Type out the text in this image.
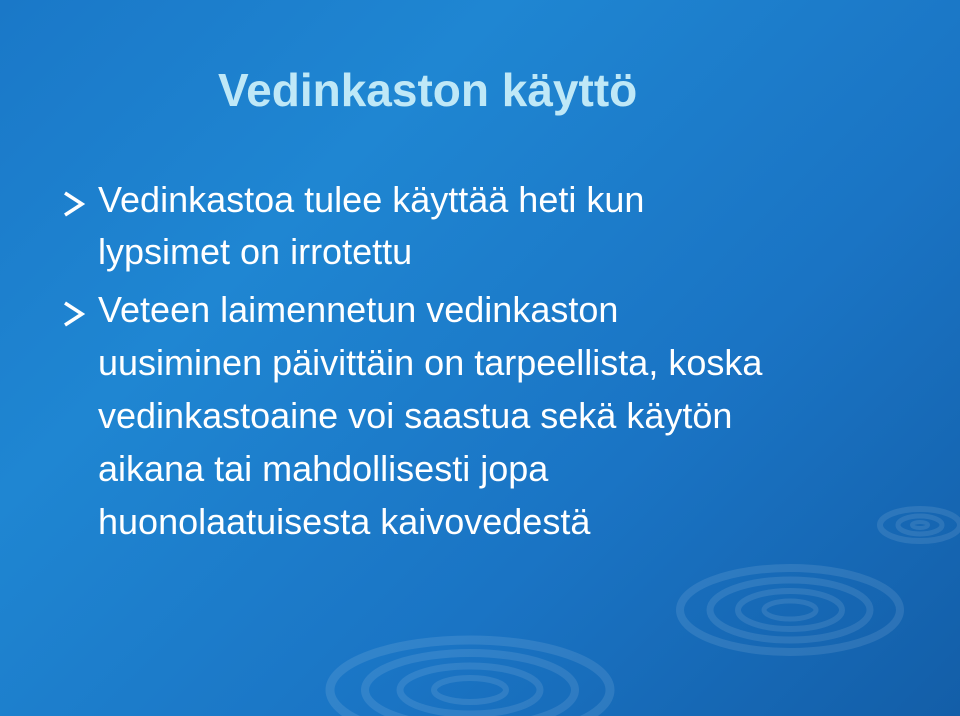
Vedinkaston käyttö
Vedinkastoa tulee käyttää heti kun
lypsimet on irrotettu
Veteen laimennetun vedinkaston
uusiminen päivittäin on tarpeellista, koska
vedinkastoaine voi saastua sekä käytön
aikana tai mahdollisesti jopa
huonolaatuisesta kaivovedestä
